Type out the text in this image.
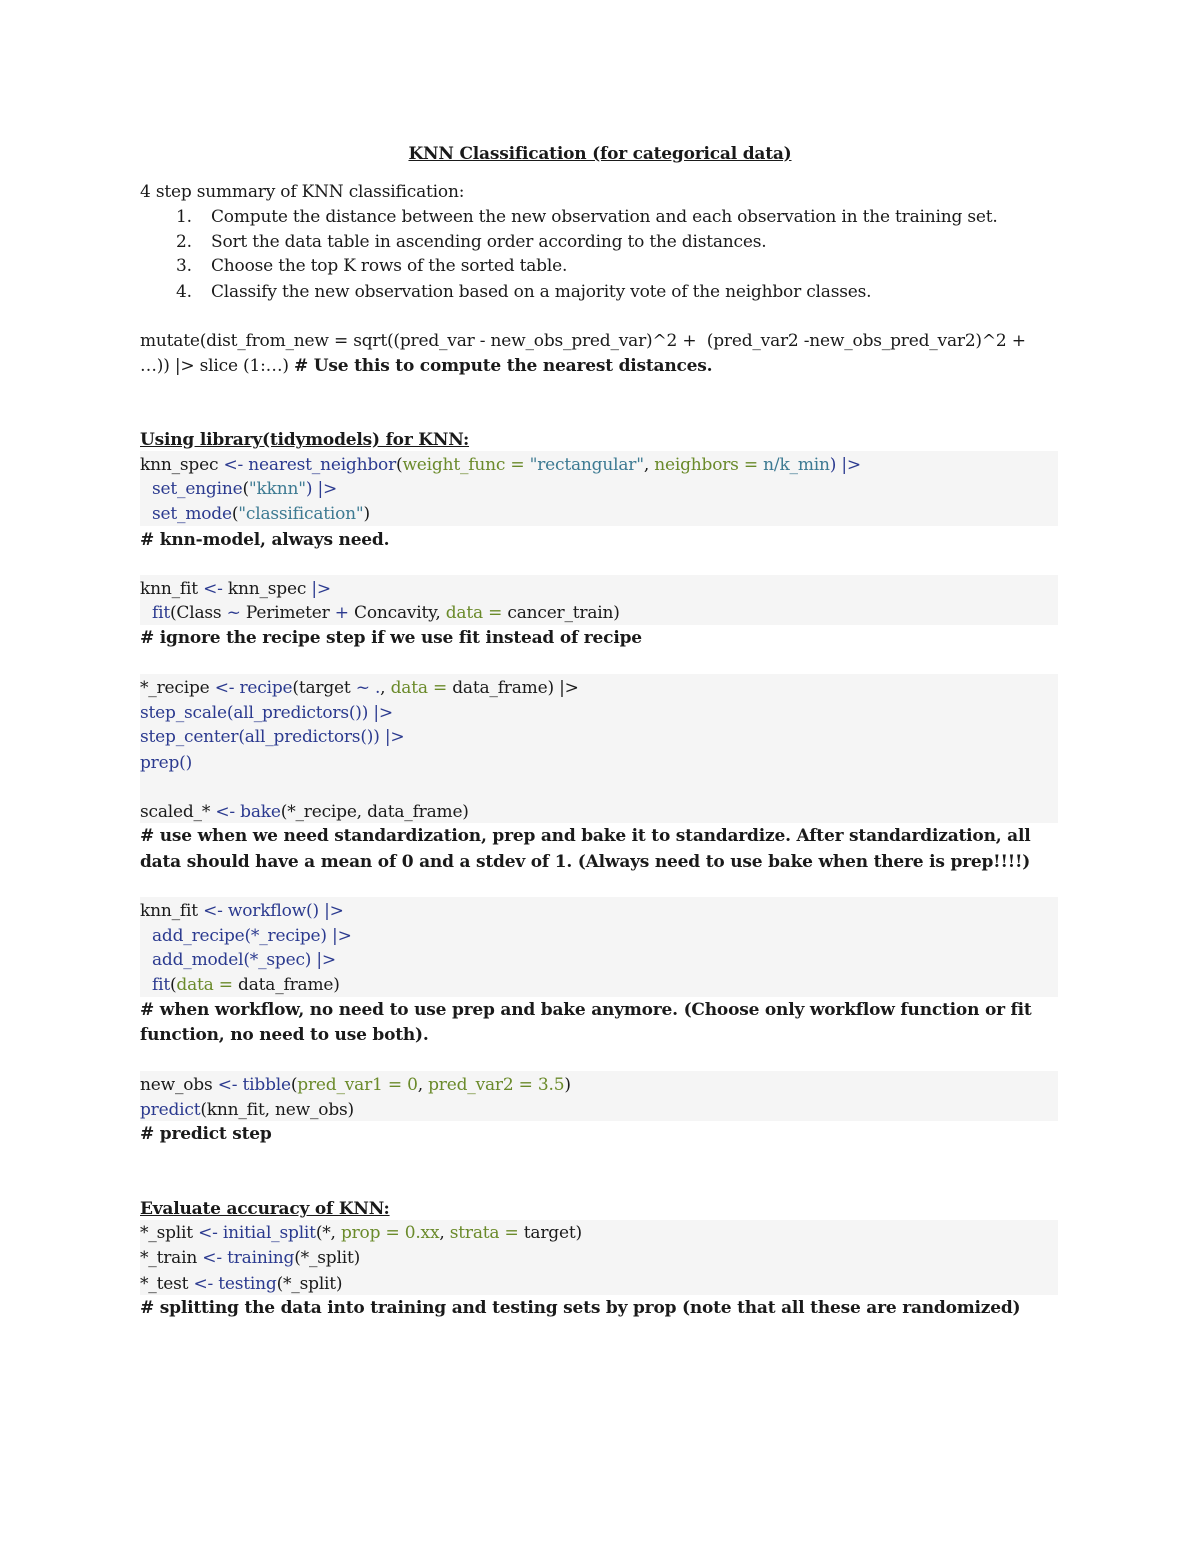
KNN Classification (for categorical data)
4 step summary of KNN classification:
1. Compute the distance between the new observation and each observation in the training set.
2. Sort the data table in ascending order according to the distances.
3. Choose the top K rows of the sorted table.
4. Classify the new observation based on a majority vote of the neighbor classes.
mutate(dist_from_new = sqrt((pred_var - new_obs_pred_var)^2 +  (pred_var2 -new_obs_pred_var2)^2 +
…)) |> slice (1:…) # Use this to compute the nearest distances.
Using library(tidymodels) for KNN:
knn_spec <- nearest_neighbor(weight_func = "rectangular", neighbors = n/k_min) |>
set_engine("kknn") |>
set_mode("classification")
# knn-model, always need.
knn_fit <- knn_spec |>
fit(Class ~ Perimeter + Concavity, data = cancer_train)
# ignore the recipe step if we use fit instead of recipe
*_recipe <- recipe(target ~ ., data = data_frame) |>
step_scale(all_predictors()) |>
step_center(all_predictors()) |>
prep()
scaled_* <- bake(*_recipe, data_frame)
# use when we need standardization, prep and bake it to standardize. After standardization, all
data should have a mean of 0 and a stdev of 1. (Always need to use bake when there is prep!!!!)
knn_fit <- workflow() |>
add_recipe(*_recipe) |>
add_model(*_spec) |>
fit(data = data_frame)
# when workflow, no need to use prep and bake anymore. (Choose only workflow function or fit
function, no need to use both).
new_obs <- tibble(pred_var1 = 0, pred_var2 = 3.5)
predict(knn_fit, new_obs)
# predict step
Evaluate accuracy of KNN:
*_split <- initial_split(*, prop = 0.xx, strata = target)
*_train <- training(*_split)
*_test <- testing(*_split)
# splitting the data into training and testing sets by prop (note that all these are randomized)
